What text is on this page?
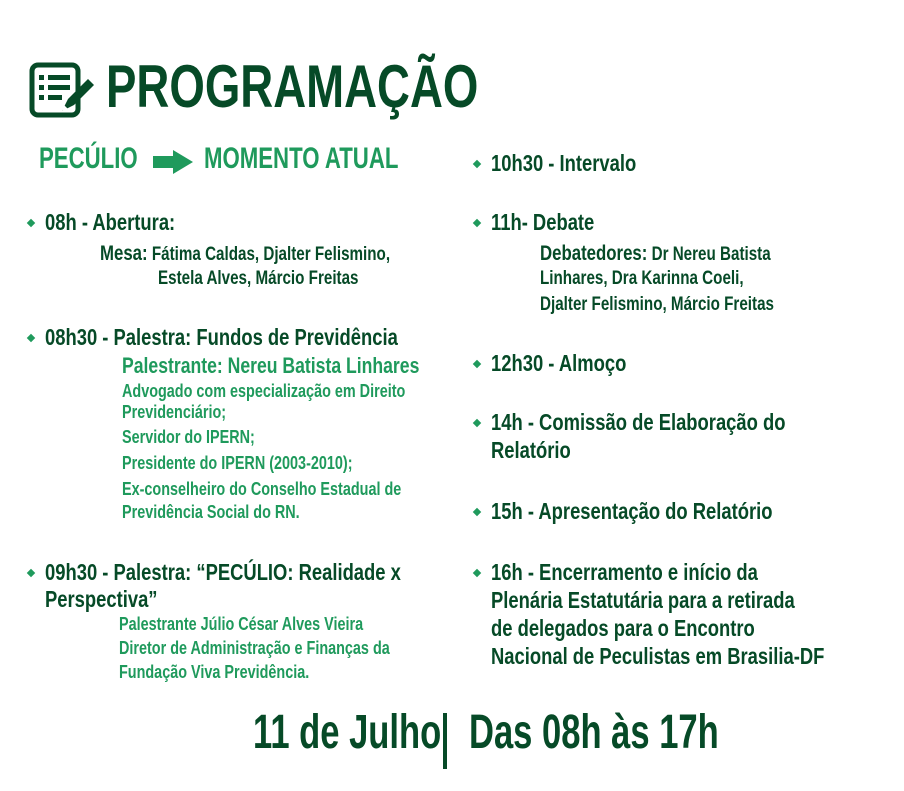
PROGRAMAÇÃO
PECÚLIO MOMENTO ATUAL
08h - Abertura:
Mesa: Fátima Caldas, Djalter Felismino,
Estela Alves, Márcio Freitas
08h30 - Palestra: Fundos de Previdência
Palestrante: Nereu Batista Linhares
Advogado com especialização em Direito
Previdenciário;
Servidor do IPERN;
Presidente do IPERN (2003-2010);
Ex-conselheiro do Conselho Estadual de
Previdência Social do RN.
09h30 - Palestra: “PECÚLIO: Realidade x
Perspectiva”
Palestrante Júlio César Alves Vieira
Diretor de Administração e Finanças da
Fundação Viva Previdência.
10h30 - Intervalo
11h- Debate
Debatedores: Dr Nereu Batista
Linhares, Dra Karinna Coeli,
Djalter Felismino, Márcio Freitas
12h30 - Almoço
14h - Comissão de Elaboração do
Relatório
15h - Apresentação do Relatório
16h - Encerramento e início da
Plenária Estatutária para a retirada
de delegados para o Encontro
Nacional de Peculistas em Brasilia-DF
11 de Julho Das 08h às 17h
